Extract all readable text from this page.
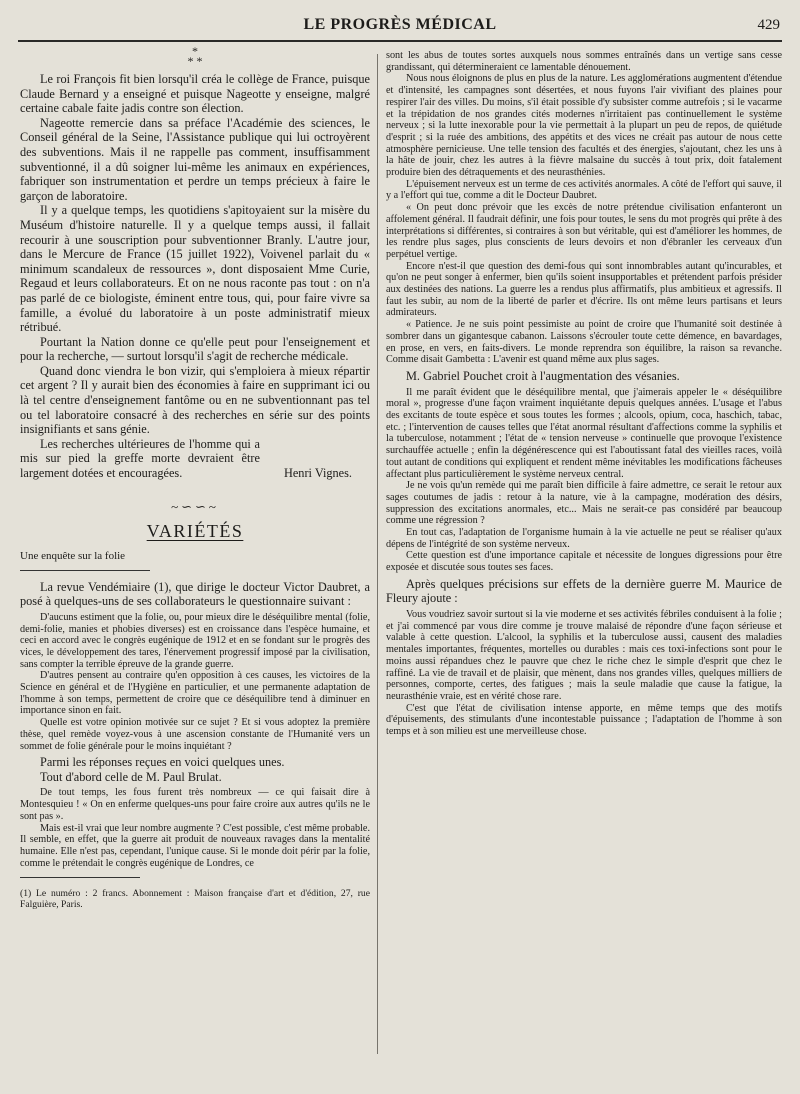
LE PROGRÈS MÉDICAL	429
*
* *

Le roi François fit bien lorsqu'il créa le collège de France, puisque Claude Bernard y a enseigné et puisque Nageotte y enseigne, malgré certaine cabale faite jadis contre son élection.

Nageotte remercie dans sa préface l'Académie des sciences, le Conseil général de la Seine, l'Assistance publique qui lui octroyèrent des subventions. Mais il ne rappelle pas comment, insuffisamment subventionné, il a dû soigner lui-même les animaux en expériences, fabriquer son instrumentation et perdre un temps précieux à faire le garçon de laboratoire.

Il y a quelque temps, les quotidiens s'apitoyaient sur la misère du Muséum d'histoire naturelle. Il y a quelque temps aussi, il fallait recourir à une souscription pour subventionner Branly. L'autre jour, dans le Mercure de France (15 juillet 1922), Voivenel parlait du « minimum scandaleux de ressources », dont disposaient Mme Curie, Regaud et leurs collaborateurs. Et on ne nous raconte pas tout : on n'a pas parlé de ce biologiste, éminent entre tous, qui, pour faire vivre sa famille, a évolué du laboratoire à un poste administratif mieux rétribué.

Pourtant la Nation donne ce qu'elle peut pour l'enseignement et pour la recherche, — surtout lorsqu'il s'agit de recherche médicale.

Quand donc viendra le bon vizir, qui s'emploiera à mieux répartir cet argent ? Il y aurait bien des économies à faire en supprimant ici ou là tel centre d'enseignement fantôme ou en ne subventionnant pas tel ou tel laboratoire consacré à des recherches en série sur des points insignifiants et sans génie.

Les recherches ultérieures de l'homme qui a mis sur pied la greffe morte devraient être largement dotées et encouragées.	Henri Vignes.
~∽∽~
VARIÉTÉS
Une enquête sur la folie

La revue Vendémiaire (1), que dirige le docteur Victor Daubret, a posé à quelques-uns de ses collaborateurs le questionnaire suivant :

D'aucuns estiment que la folie, ou, pour mieux dire le déséquilibre mental (folie, demi-folie, manies et phobies diverses) est en croissance dans l'espèce humaine, et ceci en accord avec le congrès eugénique de 1912 et en se fondant sur le progrès des vices, le développement des tares, l'énervement progressif imposé par la civilisation, sans compter la terrible épreuve de la grande guerre.

D'autres pensent au contraire qu'en opposition à ces causes, les victoires de la Science en général et de l'Hygiène en particulier, et une permanente adaptation de l'homme à son temps, permettent de croire que ce déséquilibre tend à diminuer en importance sinon en fait.

Quelle est votre opinion motivée sur ce sujet ? Et si vous adoptez la première thèse, quel remède voyez-vous à une ascension constante de l'Humanité vers un sommet de folie générale pour le moins inquiétant ?

Parmi les réponses reçues en voici quelques unes.

Tout d'abord celle de M. Paul Brulat.

De tout temps, les fous furent très nombreux — ce qui faisait dire à Montesquieu ! « On en enferme quelques-uns pour faire croire aux autres qu'ils ne le sont pas ».

Mais est-il vrai que leur nombre augmente ? C'est possible, c'est même probable. Il semble, en effet, que la guerre ait produit de nouveaux ravages dans la mentalité humaine. Elle n'est pas, cependant, l'unique cause. Si le monde doit périr par la folie, comme le prétendait le congrès eugénique de Londres, ce

(1) Le numéro : 2 francs. Abonnement : Maison française d'art et d'édition, 27, rue Falguière, Paris.

sont les abus de toutes sortes auxquels nous sommes entraînés dans un vertige sans cesse grandissant, qui détermineraient ce lamentable dénouement.

Nous nous éloignons de plus en plus de la nature. Les agglomérations augmentent d'étendue et d'intensité, les campagnes sont désertées, et nous fuyons l'air vivifiant des plaines pour respirer l'air des villes. Du moins, s'il était possible d'y subsister comme autrefois ; si le vacarme et la trépidation de nos grandes cités modernes n'irritaient pas continuellement le système nerveux ; si la lutte inexorable pour la vie permettait à la plupart un peu de repos, de quiétude d'esprit ; si la ruée des ambitions, des appétits et des vices ne créait pas autour de nous cette atmosphère pernicieuse. Une telle tension des facultés et des énergies, s'ajoutant, chez les uns à la hâte de jouir, chez les autres à la fièvre malsaine du succès à tout prix, doit fatalement produire bien des détraquements et des neurasthénies.

L'épuisement nerveux est un terme de ces activités anormales. A côté de l'effort qui sauve, il y a l'effort qui tue, comme a dit le Docteur Daubret.

« On peut donc prévoir que les excès de notre prétendue civilisation enfanteront un affolement général. Il faudrait définir, une fois pour toutes, le sens du mot progrès qui prête à des interprétations si différentes, si contraires à son but véritable, qui est d'améliorer les hommes, de les rendre plus sages, plus conscients de leurs devoirs et non d'ébranler les cerveaux d'un perpétuel vertige.

Encore n'est-il que question des demi-fous qui sont innombrables autant qu'incurables, et qu'on ne peut songer à enfermer, bien qu'ils soient insupportables et prétendent parfois présider aux destinées des nations. La guerre les a rendus plus affirmatifs, plus ambitieux et agressifs. Il faut les subir, au nom de la liberté de parler et d'écrire. Ils ont même leurs partisans et leurs admirateurs.

« Patience. Je ne suis point pessimiste au point de croire que l'humanité soit destinée à sombrer dans un gigantesque cabanon. Laissons s'écrouler toute cette démence, en bavardages, en prose, en vers, en faits-divers. Le monde reprendra son équilibre, la raison sa revanche. Comme disait Gambetta : L'avenir est quand même aux plus sages.

M. Gabriel Pouchet croit à l'augmentation des vésanies.

Il me paraît évident que le déséquilibre mental, que j'aimerais appeler le « déséquilibre moral », progresse d'une façon vraiment inquiétante depuis quelques années. L'usage et l'abus des excitants de toute espèce et sous toutes les formes ; alcools, opium, coca, haschich, tabac, etc. ; l'intervention de causes telles que l'état anormal résultant d'affections comme la syphilis et la tuberculose, notamment ; l'état de « tension nerveuse » continuelle que provoque l'existence surchauffée actuelle ; enfin la dégénérescence qui est l'aboutissant fatal des vieilles races, voilà tout autant de conditions qui expliquent et rendent même inévitables les modifications fâcheuses affectant plus particulièrement le système nerveux central.

Je ne vois qu'un remède qui me paraît bien difficile à faire admettre, ce serait le retour aux sages coutumes de jadis : retour à la nature, vie à la campagne, modération des désirs, suppression des excitations anormales, etc... Mais ne serait-ce pas considéré par beaucoup comme une régression ?

En tout cas, l'adaptation de l'organisme humain à la vie actuelle ne peut se réaliser qu'aux dépens de l'intégrité de son système nerveux.

Cette question est d'une importance capitale et nécessite de longues digressions pour être exposée et discutée sous toutes ses faces.

Après quelques précisions sur effets de la dernière guerre M. Maurice de Fleury ajoute :

Vous voudriez savoir surtout si la vie moderne et ses activités fébriles conduisent à la folie ; et j'ai commencé par vous dire comme je trouve malaisé de répondre d'une façon sérieuse et valable à cette question. L'alcool, la syphilis et la tuberculose aussi, causent des maladies mentales importantes, fréquentes, mortelles ou durables : mais ces toxi-infections sont pour le moins aussi répandues chez le pauvre que chez le riche chez le simple d'esprit que chez le raffiné. La vie de travail et de plaisir, que mènent, dans nos grandes villes, quelques milliers de personnes, comporte, certes, des fatigues ; mais la seule maladie que cause la fatigue, la neurasthénie vraie, est en vérité chose rare.

C'est que l'état de civilisation intense apporte, en même temps que des motifs d'épuisements, des stimulants d'une incontestable puissance ; l'adaptation de l'homme à son temps et à son milieu est une merveilleuse chose.
